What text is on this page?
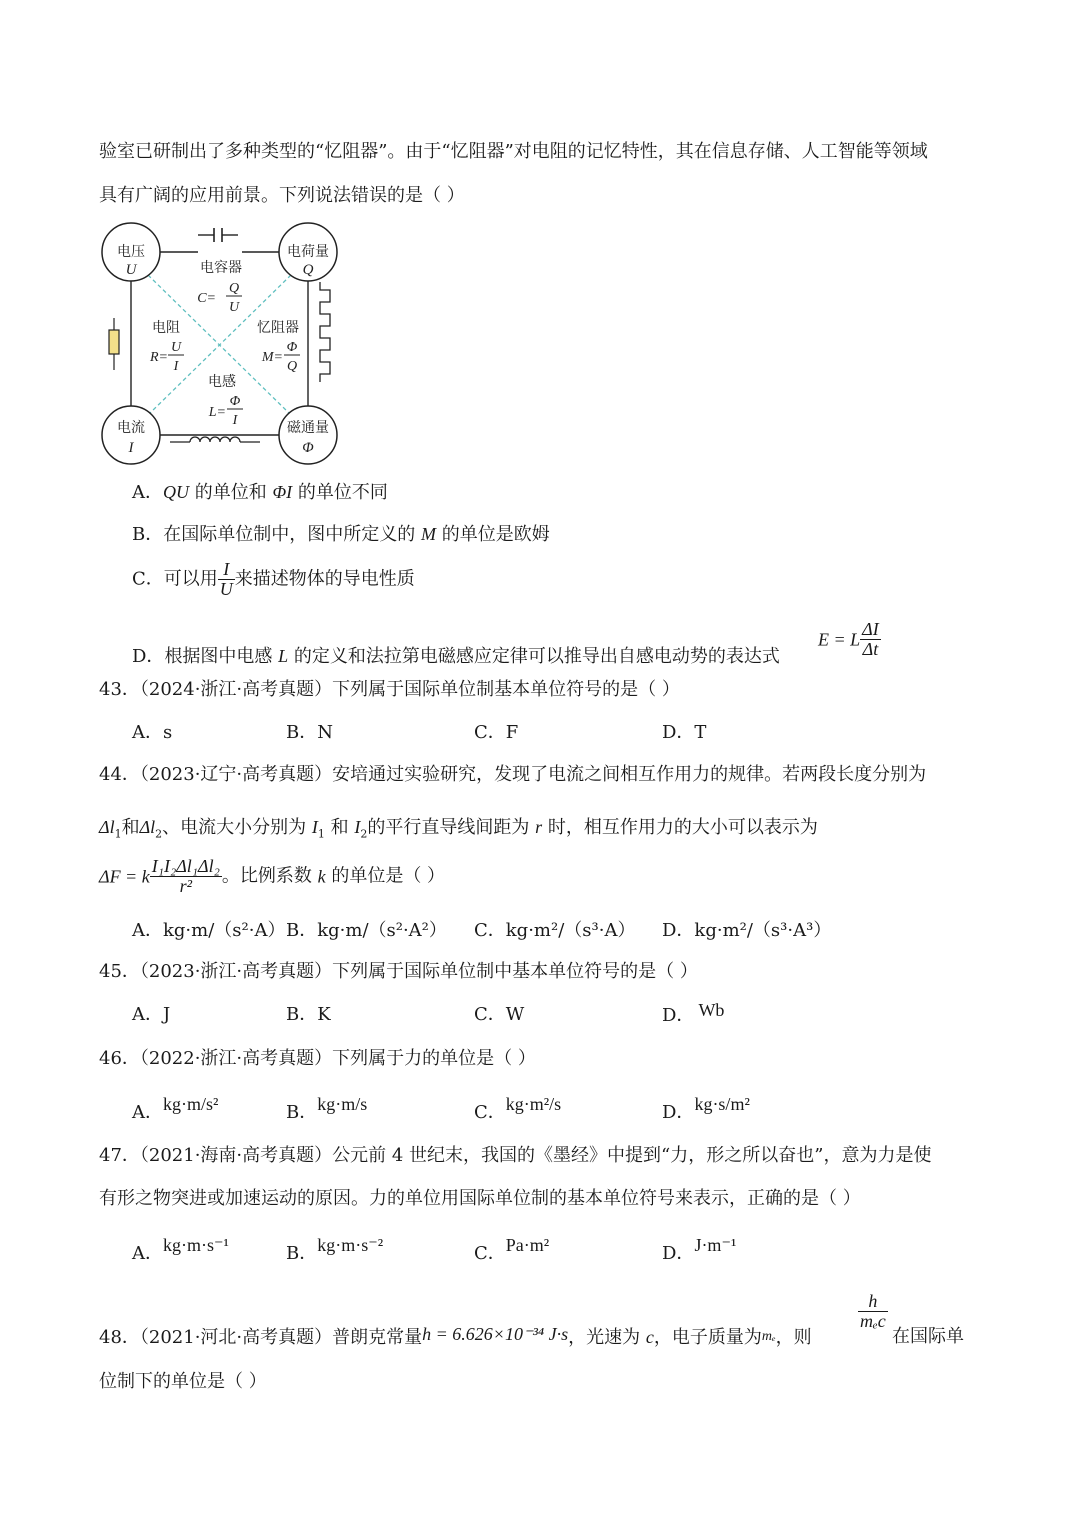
验室已研制出了多种类型的“忆阻器”。由于“忆阻器”对电阻的记忆特性，其在信息存储、人工智能等领域
具有广阔的应用前景。下列说法错误的是（ ）
电压
U
电荷量
Q
电流
I
磁通量
Φ
电容器
C=
Q
U
电阻
R=
U
I
忆阻器
M=
Φ
Q
电感
L=
Φ
I
A．QU 的单位和 ΦI 的单位不同
B．在国际单位制中，图中所定义的 M 的单位是欧姆
C．可以用 $\frac{I}{U}$ 来描述物体的导电性质
D．根据图中电感 L 的定义和法拉第电磁感应定律可以推导出自感电动势的表达式
E = L $\frac{\Delta I}{\Delta t}$
43．（2024·浙江·高考真题）下列属于国际单位制基本单位符号的是（ ）
A．s	B．N	C．F	D．T
44．（2023·辽宁·高考真题）安培通过实验研究，发现了电流之间相互作用力的规律。若两段长度分别为
$\Delta l_1$和$\Delta l_2$、电流大小分别为 $I_1$ 和 $I_2$的平行直导线间距为 r 时，相互作用力的大小可以表示为
ΔF = k $\frac{\text{I₁I₂Δl₁Δl₂}}{\text{r²}}$ 。比例系数 k 的单位是（ ）
A．kg·m/（s²·A） B．kg·m/（s²·A²） C．kg·m²/（s³·A） D．kg·m²/（s³·A³）
45．（2023·浙江·高考真题）下列属于国际单位制中基本单位符号的是（ ）
A．J	B．K	C．W	D． Wb
46．（2022·浙江·高考真题）下列属于力的单位是（ ）
A．kg·m/s²	B．kg·m/s	C．kg·m²/s	D．kg·s/m²
47．（2021·海南·高考真题）公元前 4 世纪末，我国的《墨经》中提到“力，形之所以奋也”，意为力是使
有形之物突进或加速运动的原因。力的单位用国际单位制的基本单位符号来表示，正确的是（ ）
A．kg·m·s⁻¹	B．kg·m·s⁻²	C．Pa·m²	D．J·m⁻¹
48．（2021·河北·高考真题）普朗克常量h = 6.626×10⁻³⁴ J·s，光速为 c，电子质量为mₑ，则
$\frac{h}{\text{mₑc}}$
在国际单
位制下的单位是（ ）
